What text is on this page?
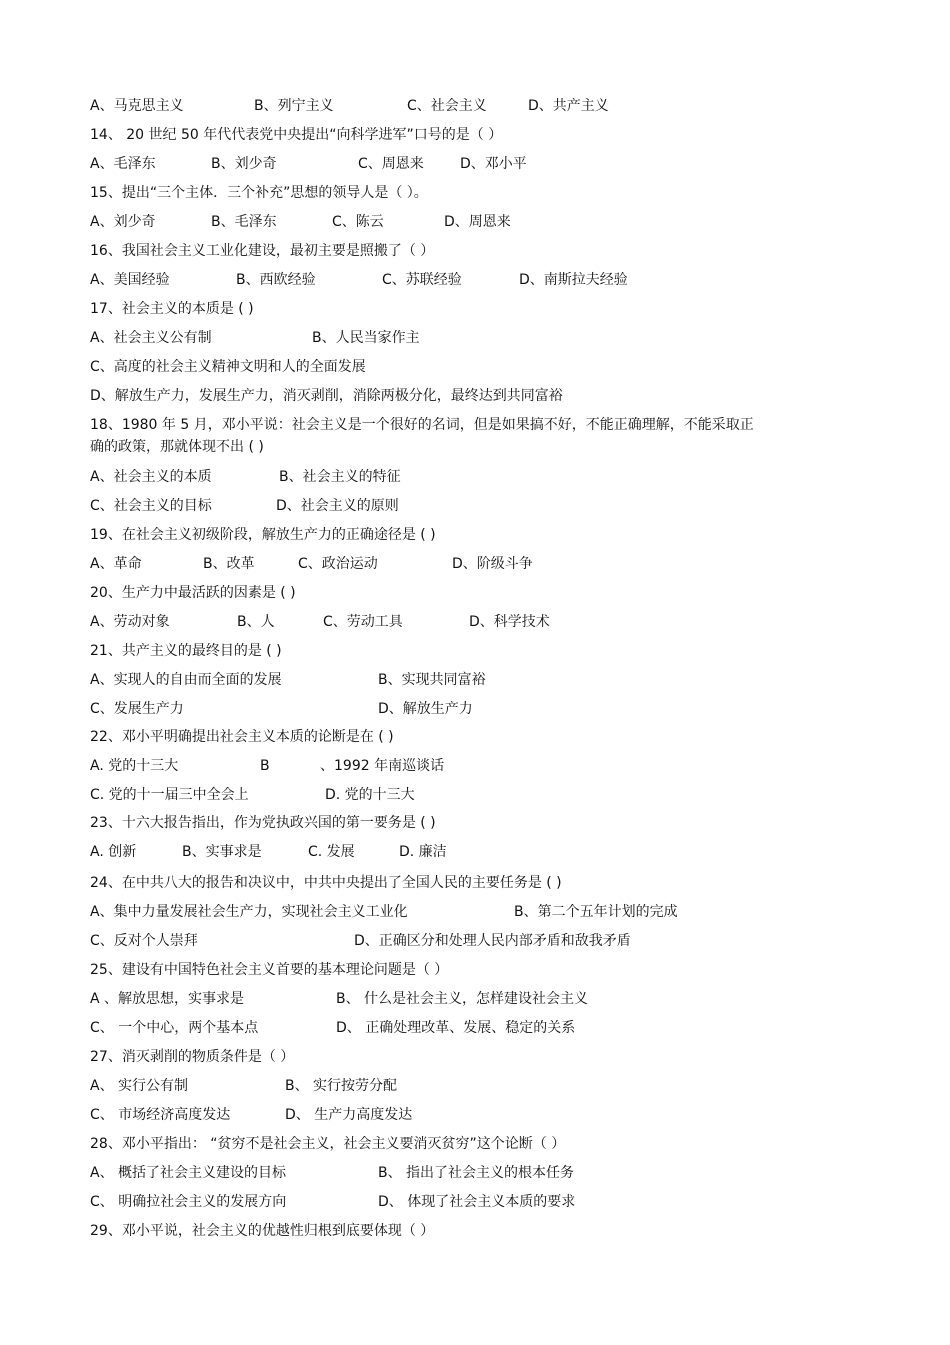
A、马克思主义	B、列宁主义	C、社会主义	D、共产主义
14、 20 世纪 50 年代代表党中央提出“向科学进军”口号的是（ ）
A、毛泽东	B、刘少奇	C、周恩来	D、邓小平
15、提出“三个主体．三个补充”思想的领导人是（ ）。
A、刘少奇	B、毛泽东	C、陈云	D、周恩来
16、我国社会主义工业化建设，最初主要是照搬了（ ）
A、美国经验	B、西欧经验	C、苏联经验	D、南斯拉夫经验
17、社会主义的本质是 ( )
A、社会主义公有制	B、人民当家作主
C、高度的社会主义精神文明和人的全面发展
D、解放生产力，发展生产力，消灭剥削，消除两极分化，最终达到共同富裕
18、1980 年 5 月，邓小平说：社会主义是一个很好的名词，但是如果搞不好，不能正确理解，不能采取正
确的政策，那就体现不出 ( )
A、社会主义的本质	B、社会主义的特征
C、社会主义的目标	D、社会主义的原则
19、在社会主义初级阶段，解放生产力的正确途径是 ( )
A、革命	B、改革	C、政治运动	D、阶级斗争
20、生产力中最活跃的因素是 ( )
A、劳动对象	B、人	C、劳动工具	D、科学技术
21、共产主义的最终目的是 ( )
A、实现人的自由而全面的发展	B、实现共同富裕
C、发展生产力	D、解放生产力
22、邓小平明确提出社会主义本质的论断是在 ( )
A. 党的十三大	B	、1992 年南巡谈话
C. 党的十一届三中全会上	D. 党的十三大
23、十六大报告指出，作为党执政兴国的第一要务是 ( )
A. 创新	B、实事求是	C. 发展	D. 廉洁
24、在中共八大的报告和决议中，中共中央提出了全国人民的主要任务是 ( )
A、集中力量发展社会生产力，实现社会主义工业化	B、第二个五年计划的完成
C、反对个人崇拜	D、正确区分和处理人民内部矛盾和敌我矛盾
25、建设有中国特色社会主义首要的基本理论问题是（ ）
A 、解放思想，实事求是	B、 什么是社会主义，怎样建设社会主义
C、 一个中心，两个基本点	D、 正确处理改革、发展、稳定的关系
27、消灭剥削的物质条件是（ ）
A、 实行公有制	B、 实行按劳分配
C、 市场经济高度发达	D、 生产力高度发达
28、邓小平指出： “贫穷不是社会主义，社会主义要消灭贫穷”这个论断（ ）
A、 概括了社会主义建设的目标	B、 指出了社会主义的根本任务
C、 明确拉社会主义的发展方向	D、 体现了社会主义本质的要求
29、邓小平说，社会主义的优越性归根到底要体现（ ）
